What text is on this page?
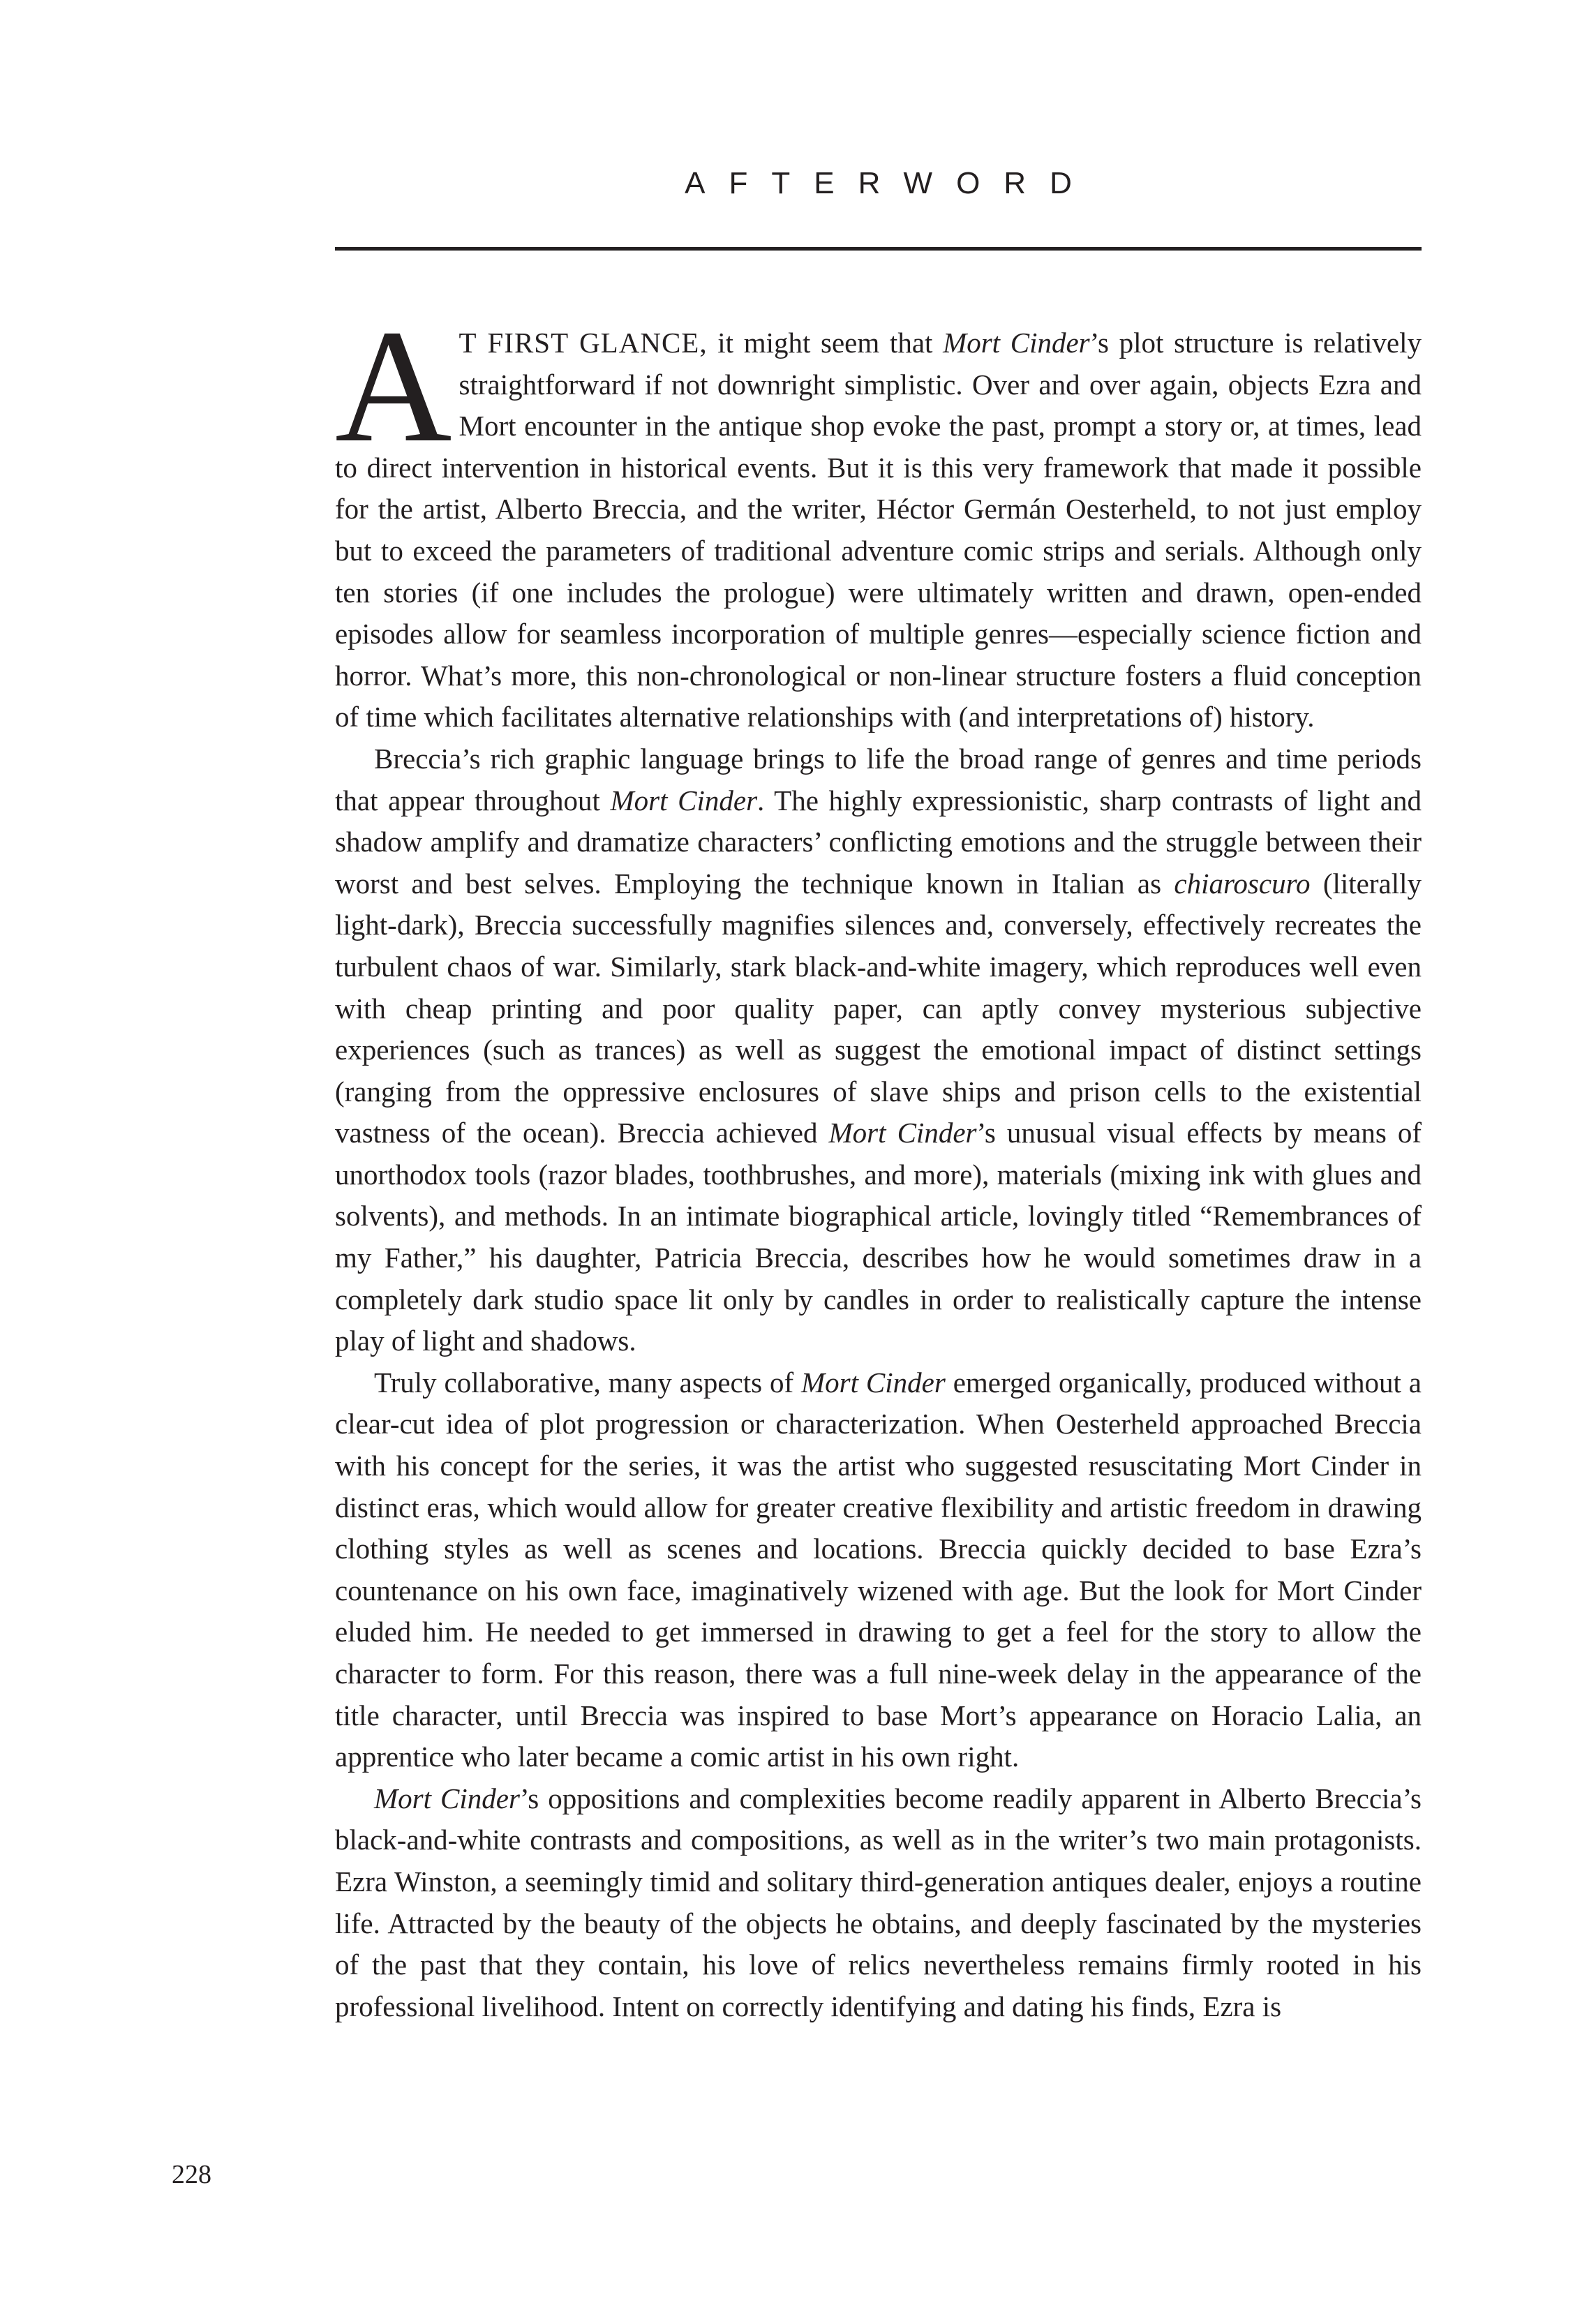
AFTERWORD

A T FIRST GLANCE, it might seem that Mort Cinder’s plot structure is relatively straightforward if not downright simplistic. Over and over again, objects Ezra and Mort encounter in the antique shop evoke the past, prompt a story or, at times, lead to direct intervention in historical events. But it is this very framework that made it possible for the artist, Alberto Breccia, and the writer, Héctor Germán Oesterheld, to not just employ but to exceed the parameters of traditional adventure comic strips and serials. Although only ten stories (if one includes the prologue) were ultimately written and drawn, open-ended episodes allow for seamless incorporation of multiple genres—especially science fiction and horror. What’s more, this non-chronological or non-linear structure fosters a fluid conception of time which facilitates alternative relationships with (and interpretations of) history.

Breccia’s rich graphic language brings to life the broad range of genres and time periods that appear throughout Mort Cinder. The highly expressionistic, sharp contrasts of light and shadow amplify and dramatize characters’ conflicting emotions and the struggle between their worst and best selves. Employing the technique known in Italian as chiaroscuro (literally light-dark), Breccia successfully magnifies silences and, conversely, effectively recreates the turbulent chaos of war. Similarly, stark black-and-white imagery, which reproduces well even with cheap printing and poor quality paper, can aptly convey mysterious subjective experiences (such as trances) as well as suggest the emotional impact of distinct settings (ranging from the oppressive enclosures of slave ships and prison cells to the existential vastness of the ocean). Breccia achieved Mort Cinder’s unusual visual effects by means of unorthodox tools (razor blades, toothbrushes, and more), materials (mixing ink with glues and solvents), and methods. In an intimate biographical article, lovingly titled “Remembrances of my Father,” his daughter, Patricia Breccia, describes how he would sometimes draw in a completely dark studio space lit only by candles in order to realistically capture the intense play of light and shadows.

Truly collaborative, many aspects of Mort Cinder emerged organically, produced without a clear-cut idea of plot progression or characterization. When Oesterheld approached Breccia with his concept for the series, it was the artist who suggested resuscitating Mort Cinder in distinct eras, which would allow for greater creative flexibility and artistic freedom in drawing clothing styles as well as scenes and locations. Breccia quickly decided to base Ezra’s countenance on his own face, imaginatively wizened with age. But the look for Mort Cinder eluded him. He needed to get immersed in drawing to get a feel for the story to allow the character to form. For this reason, there was a full nine-week delay in the appearance of the title character, until Breccia was inspired to base Mort’s appearance on Horacio Lalia, an apprentice who later became a comic artist in his own right.

Mort Cinder’s oppositions and complexities become readily apparent in Alberto Breccia’s black-and-white contrasts and compositions, as well as in the writer’s two main protagonists. Ezra Winston, a seemingly timid and solitary third-generation antiques dealer, enjoys a routine life. Attracted by the beauty of the objects he obtains, and deeply fascinated by the mysteries of the past that they contain, his love of relics nevertheless remains firmly rooted in his professional livelihood. Intent on correctly identifying and dating his finds, Ezra is

228
